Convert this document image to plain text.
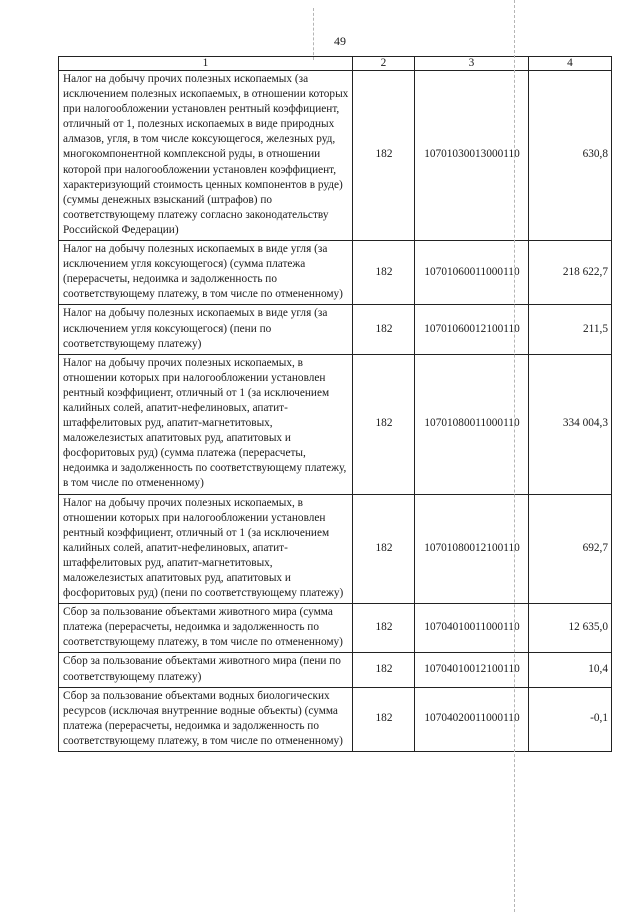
49
1	2	3	4
Налог на добычу прочих полезных ископаемых (за исключением полезных ископаемых, в отношении которых при налогообложении установлен рентный коэффициент, отличный от 1, полезных ископаемых в виде природных алмазов, угля, в том числе коксующегося, железных руд, многокомпонентной комплексной руды, в отношении которой при налогообложении установлен коэффициент, характеризующий стоимость ценных компонентов в руде) (суммы денежных взысканий (штрафов) по соответствующему платежу согласно законодательству Российской Федерации)	182	10701030013000110	630,8
Налог на добычу полезных ископаемых в виде угля (за исключением угля коксующегося) (сумма платежа (перерасчеты, недоимка и задолженность по соответствующему платежу, в том числе по отмененному)	182	10701060011000110	218 622,7
Налог на добычу полезных ископаемых в виде угля (за исключением угля коксующегося) (пени по соответствующему платежу)	182	10701060012100110	211,5
Налог на добычу прочих полезных ископаемых, в отношении которых при налогообложении установлен рентный коэффициент, отличный от 1 (за исключением калийных солей, апатит-нефелиновых, апатит-штаффелитовых руд, апатит-магнетитовых, маложелезистых апатитовых руд, апатитовых и фосфоритовых руд) (сумма платежа (перерасчеты, недоимка и задолженность по соответствующему платежу, в том числе по отмененному)	182	10701080011000110	334 004,3
Налог на добычу прочих полезных ископаемых, в отношении которых при налогообложении установлен рентный коэффициент, отличный от 1 (за исключением калийных солей, апатит-нефелиновых, апатит-штаффелитовых руд, апатит-магнетитовых, маложелезистых апатитовых руд, апатитовых и фосфоритовых руд) (пени по соответствующему платежу)	182	10701080012100110	692,7
Сбор за пользование объектами животного мира (сумма платежа (перерасчеты, недоимка и задолженность по соответствующему платежу, в том числе по отмененному)	182	10704010011000110	12 635,0
Сбор за пользование объектами животного мира (пени по соответствующему платежу)	182	10704010012100110	10,4
Сбор за пользование объектами водных биологических ресурсов (исключая внутренние водные объекты) (сумма платежа (перерасчеты, недоимка и задолженность по соответствующему платежу, в том числе по отмененному)	182	10704020011000110	-0,1
